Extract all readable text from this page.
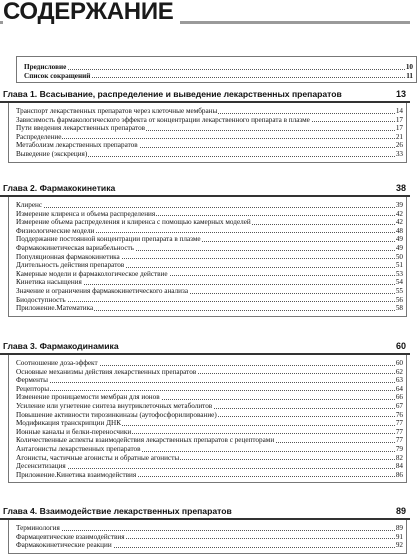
СОДЕРЖАНИЕ
Предисловие	10
Список сокращений	11
Глава 1. Всасывание, распределение и выведение лекарственных препаратов	13
Транспорт лекарственных препаратов через клеточные мембраны	14
Зависимость фармакологического эффекта от концентрации лекарственного препарата в плазме	17
Пути введения лекарственных препаратов	17
Распределение	21
Метаболизм лекарственных препаратов	26
Выведение (экскреция)	33
Глава 2. Фармакокинетика	38
Клиренс	39
Измерение клиренса и объема распределения	42
Измерение объема распределения и клиренса с помощью камерных моделей	42
Физиологические модели	48
Поддержание постоянной концентрации препарата в плазме	49
Фармакокинетическая вариабельность	49
Популяционная фармакокинетика	50
Длительность действия препаратов	51
Камерные модели и фармакологическое действие	53
Кинетика насыщения	54
Значение и ограничения фармакокинетического анализа	55
Биодоступность	56
Приложение.Математика	58
Глава 3. Фармакодинамика	60
Соотношение доза-эффект	60
Основные механизмы действия лекарственных препаратов	62
Ферменты	63
Рецепторы	64
Изменение проницаемости мембран для ионов	66
Усиление или угнетение синтеза внутриклеточных метаболитов	67
Повышение активности тирозинкиназы (аутофосфорилирование)	76
Модификация транскрипции ДНК	77
Ионные каналы и белки-переносчики	77
Количественные аспекты взаимодействия лекарственных препаратов с рецепторами	77
Антагонисты лекарственных препаратов	79
Агонисты, частичные агонисты и обратные агонисты	82
Десенситизация	84
Приложение.Кинетика взаимодействия	86
Глава 4. Взаимодействие лекарственных препаратов	89
Терминология	89
Фармацевтические взаимодействия	91
Фармакокинетические реакции	92
